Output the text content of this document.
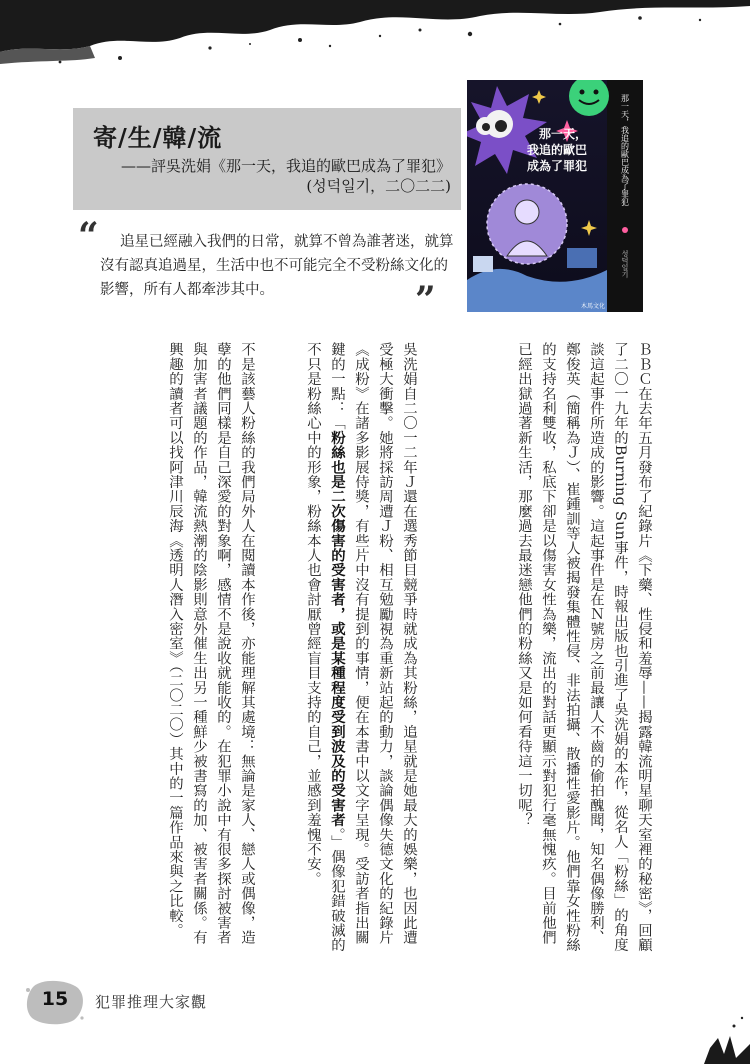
寄/生/韓/流
——評吳洗娟《那一天，我追的歐巴成為了罪犯》
(성덕일기，二〇二二)
“	追星已經融入我們的日常，就算不曾為誰著迷，就算沒有認真追過星，生活中也不可能完全不受粉絲文化的影響，所有人都牽涉其中。	”
那一天，
我追的歐巴
成為了罪犯
木馬文化
那一天，我追的歐巴成為了罪犯
성덕일기

ＢＢＣ在去年五月發布了紀錄片《下藥、性侵和羞辱——揭露韓流明星聊天室裡的秘密》，回顧了二〇一九年的Burning Sun事件，時報出版也引進了吳洗娟的本作，從名人「粉絲」的角度談這起事件所造成的影響。這起事件是在Ｎ號房之前最讓人不齒的偷拍醜聞，知名偶像勝利、鄭俊英（簡稱為Ｊ）、崔鍾訓等人被揭發集體性侵、非法拍攝、散播性愛影片。他們靠女性粉絲的支持名利雙收，私底下卻是以傷害女性為樂，流出的對話更顯示對犯行毫無愧疚。目前他們已經出獄過著新生活，那麼過去最迷戀他們的粉絲又是如何看待這一切呢？

吳洗娟自二〇一二年Ｊ還在選秀節目競爭時就成為其粉絲，追星就是她最大的娛樂，也因此遭受極大衝擊。她將採訪周遭Ｊ粉、相互勉勵視為重新站起的動力，談論偶像失德文化的紀錄片《成粉》在諸多影展侍獎，有些片中沒有提到的事情，便在本書中以文字呈現。受訪者指出關鍵的一點：「粉絲也是二次傷害的受害者，或是某種程度受到波及的受害者。」偶像犯錯破滅的不只是粉絲心中的形象，粉絲本人也會討厭曾經盲目支持的自己，並感到羞愧不安。

不是該藝人粉絲的我們局外人在閱讀本作後，亦能理解其處境：無論是家人、戀人或偶像，造孽的他們同樣是自己深愛的對象啊，感情不是說收就能收的。在犯罪小說中有很多探討被害者與加害者議題的作品，韓流熱潮的陰影則意外催生出另一種鮮少被書寫的加、被害者關係。有興趣的讀者可以找阿津川辰海《透明人潛入密室》（二〇二〇）其中的一篇作品來與之比較。

15	犯罪推理大家觀
